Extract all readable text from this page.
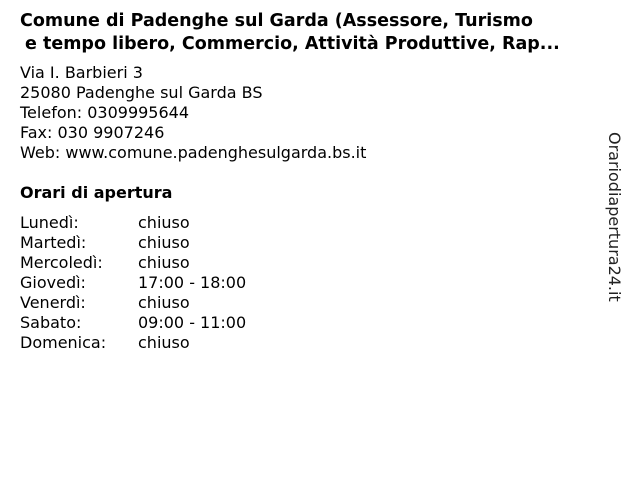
Comune di Padenghe sul Garda (Assessore, Turismo
e tempo libero, Commercio, Attività Produttive, Rap...
Via I. Barbieri 3
25080 Padenghe sul Garda BS
Telefon: 0309995644
Fax: 030 9907246
Web: www.comune.padenghesulgarda.bs.it
Orari di apertura
Lunedì:	chiuso
Martedì:	chiuso
Mercoledì: chiuso
Giovedì:	17:00 - 18:00
Venerdì:	chiuso
Sabato:	09:00 - 11:00
Domenica: chiuso
Orariodiapertura24.it
